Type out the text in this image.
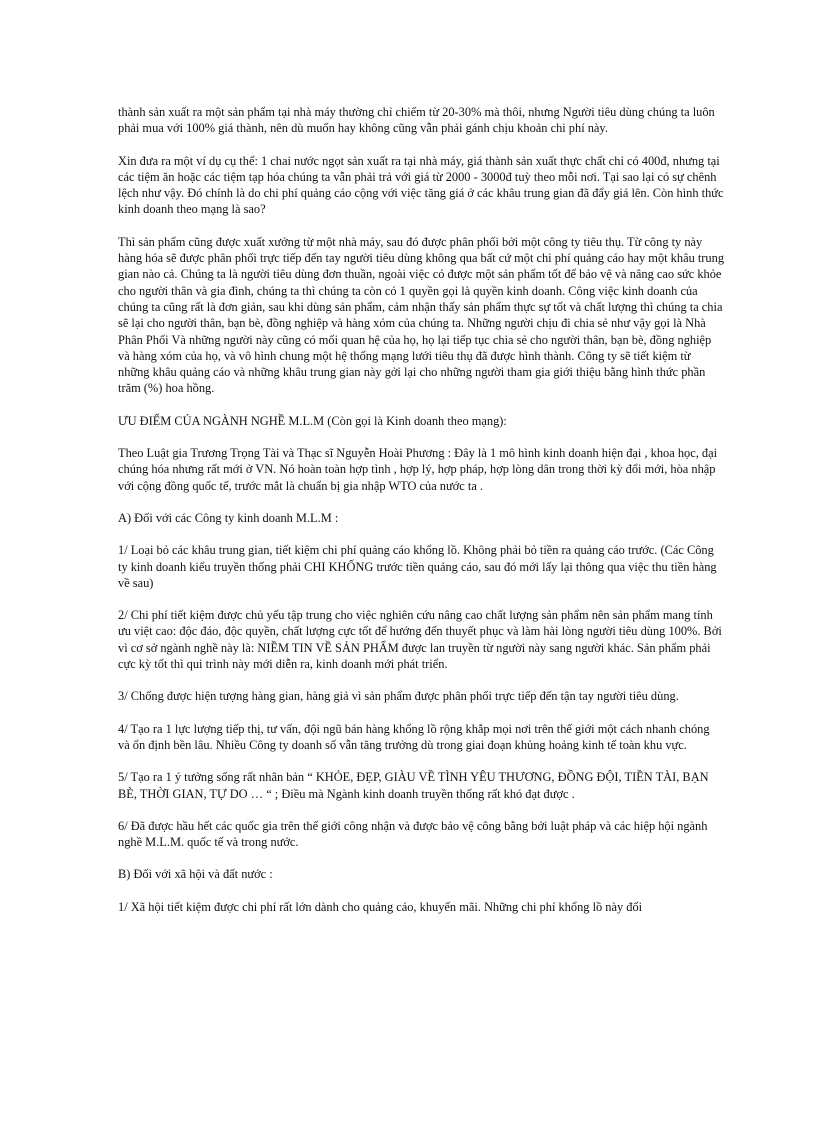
thành sản xuất ra một sản phẩm tại nhà máy thường chỉ chiếm từ 20-30% mà thôi, nhưng Người tiêu dùng chúng ta luôn phải mua với 100% giá thành, nên dù muốn hay không cũng vẫn phải gánh chịu khoản chi phí này.

Xin đưa ra một ví dụ cụ thể: 1 chai nước ngọt sản xuất ra tại nhà máy, giá thành sản xuất thực chất chỉ có 400đ, nhưng tại các tiệm ăn hoặc các tiệm tạp hóa chúng ta vẫn phải trả với giá từ 2000 - 3000đ tuỳ theo mỗi nơi. Tại sao lại có sự chênh lệch như vậy. Đó chính là do chi phí quảng cáo cộng với việc tăng giá ở các khâu trung gian đã đẩy giá lên. Còn hình thức kinh doanh theo mạng là sao?

Thì sản phẩm cũng được xuất xưởng từ một nhà máy, sau đó được phân phối bởi một công ty tiêu thụ. Từ công ty này hàng hóa sẽ được phân phối trực tiếp đến tay người tiêu dùng không qua bất cứ một chi phí quảng cáo hay một khâu trung gian nào cả. Chúng ta là người tiêu dùng đơn thuần, ngoài việc có được một sản phẩm tốt để bảo vệ và nâng cao sức khỏe cho người thân và gia đình, chúng ta thì chúng ta còn có 1 quyền gọi là quyền kinh doanh. Công việc kinh doanh của chúng ta cũng rất là đơn giản, sau khi dùng sản phẩm, cảm nhận thấy sản phẩm thực sự tốt và chất lượng thì chúng ta chia sẽ lại cho người thân, bạn bè, đồng nghiệp và hàng xóm của chúng ta. Những người chịu đi chia sẻ như vậy gọi là Nhà Phân Phối Và những người này cũng có mối quan hệ của họ, họ lại tiếp tục chia sẻ cho người thân, bạn bè, đồng nghiệp và hàng xóm của họ, và vô hình chung một hệ thống mạng lưới tiêu thụ đã được hình thành. Công ty sẽ tiết kiệm từ những khâu quảng cáo và những khâu trung gian này gởi lại cho những người tham gia giới thiệu bằng hình thức phần trăm (%) hoa hồng.

ƯU ĐIỂM CỦA NGÀNH NGHỀ M.L.M (Còn gọi là Kinh doanh theo mạng):

Theo Luật gia Trương Trọng Tài và Thạc sĩ Nguyễn Hoài Phương : Đây là 1 mô hình kinh doanh hiện đại , khoa học, đại chúng hóa nhưng rất mới ở VN. Nó hoàn toàn hợp tình , hợp lý, hợp pháp, hợp lòng dân trong thời kỳ đổi mới, hòa nhập với cộng đồng quốc tế, trước mắt là chuẩn bị gia nhập WTO của nước ta .

A) Đối với các Công ty kinh doanh M.L.M :

1/ Loại bỏ các khâu trung gian, tiết kiệm chi phí quảng cáo khổng lồ. Không phải bỏ tiền ra quảng cáo trước. (Các Công ty kinh doanh kiểu truyền thống phải CHI KHỐNG trước tiền quảng cáo, sau đó mới lấy lại thông qua việc thu tiền hàng về sau)

2/ Chi phí tiết kiệm được chủ yếu tập trung cho việc nghiên cứu nâng cao chất lượng sản phẩm nên sản phẩm mang tính ưu việt cao: độc đáo, độc quyền, chất lượng cực tốt để hướng đến thuyết phục và làm hài lòng người tiêu dùng 100%. Bởi vì cơ sở ngành nghề này là: NIỀM TIN VỀ SẢN PHẨM được lan truyền từ người này sang người khác. Sản phẩm phải cực kỳ tốt thì qui trình này mới diễn ra, kinh doanh mới phát triển.

3/ Chống được hiện tượng hàng gian, hàng giả vì sản phẩm được phân phối trực tiếp đến tận tay người tiêu dùng.

4/ Tạo ra 1 lực lượng tiếp thị, tư vấn, đội ngũ bán hàng khổng lồ rộng khắp mọi nơi trên thế giới một cách nhanh chóng và ổn định bền lâu. Nhiều Công ty doanh số vẫn tăng trưởng dù trong giai đoạn khủng hoảng kinh tế toàn khu vực.

5/ Tạo ra 1 ý tưởng sống rất nhân bản “ KHỎE, ĐẸP, GIÀU VỀ TÌNH YÊU THƯƠNG, ĐỒNG ĐỘI, TIỀN TÀI, BẠN BÈ, THỜI GIAN, TỰ DO … “ ; Điều mà Ngành kinh doanh truyền thống rất khó đạt được .

6/ Đã được hầu hết các quốc gia trên thế giới công nhận và được bảo vệ công bằng bởi luật pháp và các hiệp hội ngành nghề M.L.M. quốc tế và trong nước.

B) Đối với xã hội và đất nước :

1/ Xã hội tiết kiệm được chi phí rất lớn dành cho quảng cáo, khuyến mãi. Những chi phí khổng lồ này đối
